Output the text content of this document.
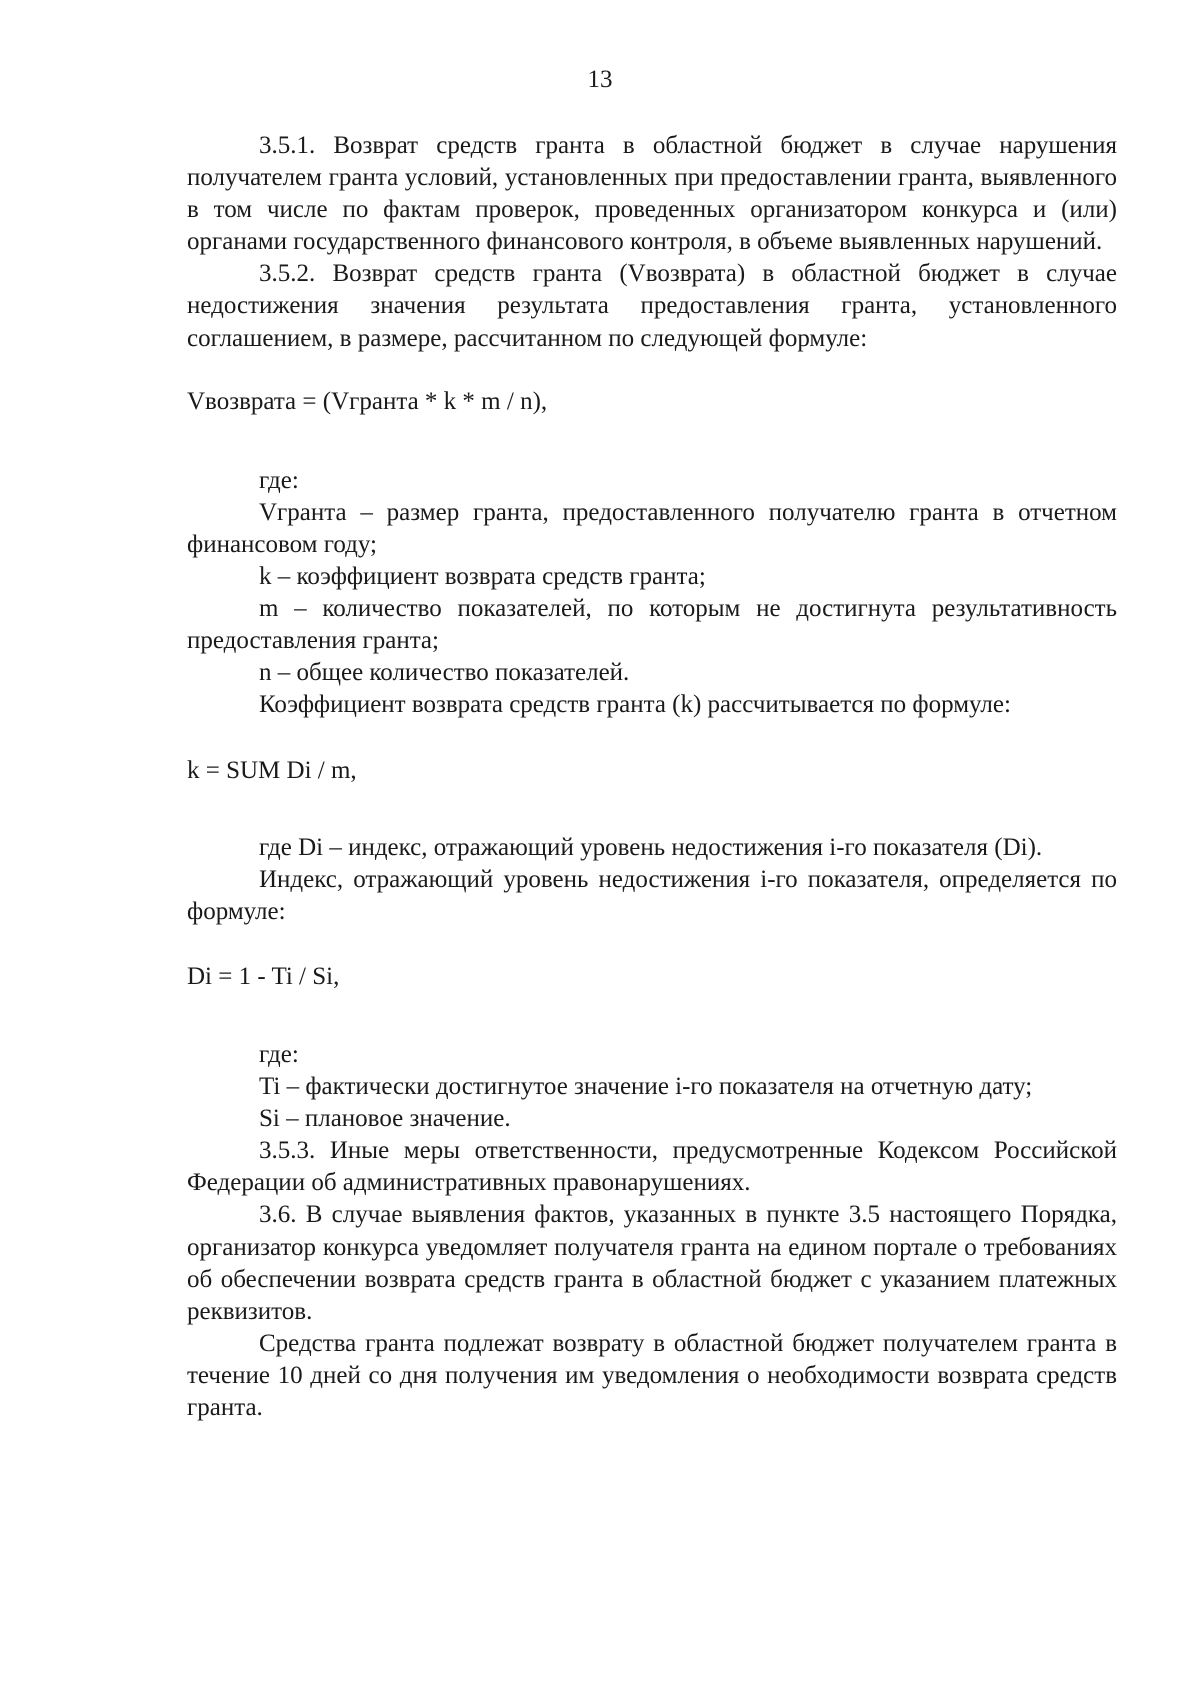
13

3.5.1. Возврат средств гранта в областной бюджет в случае нарушения получателем гранта условий, установленных при предоставлении гранта, выявленного в том числе по фактам проверок, проведенных организатором конкурса и (или) органами государственного финансового контроля, в объеме выявленных нарушений.

3.5.2. Возврат средств гранта (Vвозврата) в областной бюджет в случае недостижения значения результата предоставления гранта, установленного соглашением, в размере, рассчитанном по следующей формуле:

Vвозврата = (Vгранта * k * m / n),

где:

Vгранта – размер гранта, предоставленного получателю гранта в отчетном финансовом году;

k – коэффициент возврата средств гранта;

m – количество показателей, по которым не достигнута результативность предоставления гранта;

n – общее количество показателей.

Коэффициент возврата средств гранта (k) рассчитывается по формуле:

k = SUM Di / m,

где Di – индекс, отражающий уровень недостижения i-го показателя (Di).

Индекс, отражающий уровень недостижения i-го показателя, определяется по формуле:

Di = 1 - Ti / Si,

где:

Ti – фактически достигнутое значение i-го показателя на отчетную дату;

Si – плановое значение.

3.5.3. Иные меры ответственности, предусмотренные Кодексом Российской Федерации об административных правонарушениях.

3.6. В случае выявления фактов, указанных в пункте 3.5 настоящего Порядка, организатор конкурса уведомляет получателя гранта на едином портале о требованиях об обеспечении возврата средств гранта в областной бюджет с указанием платежных реквизитов.

Средства гранта подлежат возврату в областной бюджет получателем гранта в течение 10 дней со дня получения им уведомления о необходимости возврата средств гранта.
